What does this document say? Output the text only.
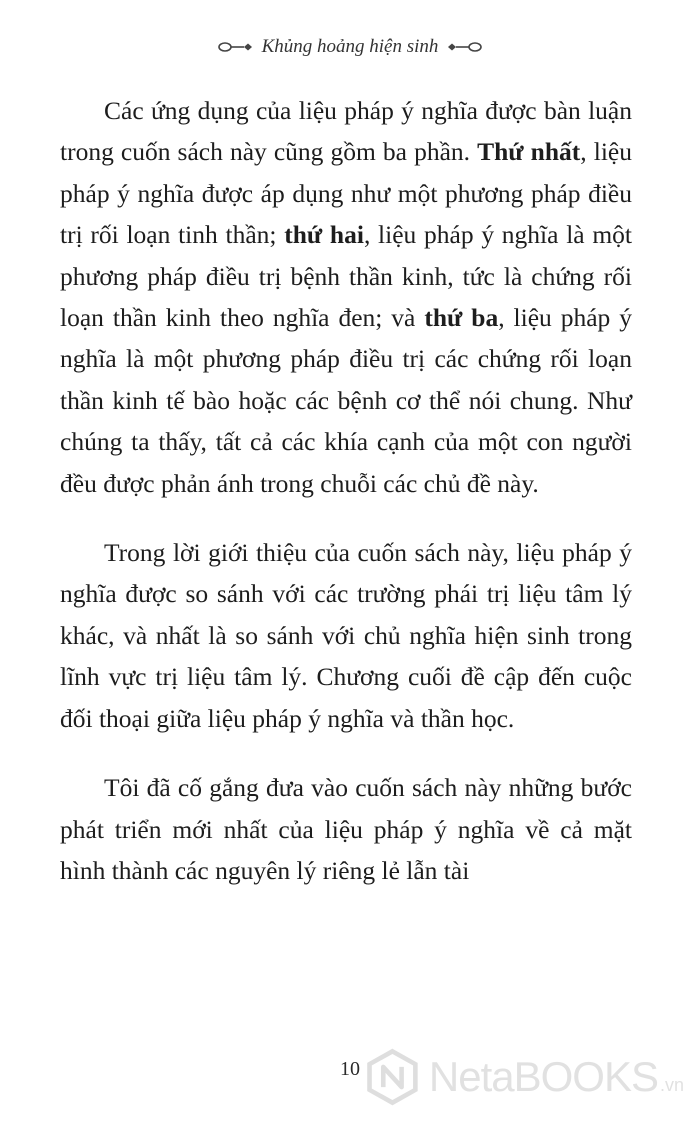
Khủng hoảng hiện sinh

Các ứng dụng của liệu pháp ý nghĩa được bàn luận trong cuốn sách này cũng gồm ba phần. Thứ nhất, liệu pháp ý nghĩa được áp dụng như một phương pháp điều trị rối loạn tinh thần; thứ hai, liệu pháp ý nghĩa là một phương pháp điều trị bệnh thần kinh, tức là chứng rối loạn thần kinh theo nghĩa đen; và thứ ba, liệu pháp ý nghĩa là một phương pháp điều trị các chứng rối loạn thần kinh tế bào hoặc các bệnh cơ thể nói chung. Như chúng ta thấy, tất cả các khía cạnh của một con người đều được phản ánh trong chuỗi các chủ đề này.

Trong lời giới thiệu của cuốn sách này, liệu pháp ý nghĩa được so sánh với các trường phái trị liệu tâm lý khác, và nhất là so sánh với chủ nghĩa hiện sinh trong lĩnh vực trị liệu tâm lý. Chương cuối đề cập đến cuộc đối thoại giữa liệu pháp ý nghĩa và thần học.

Tôi đã cố gắng đưa vào cuốn sách này những bước phát triển mới nhất của liệu pháp ý nghĩa về cả mặt hình thành các nguyên lý riêng lẻ lẫn tài

10	NetaBOOKS .vn
